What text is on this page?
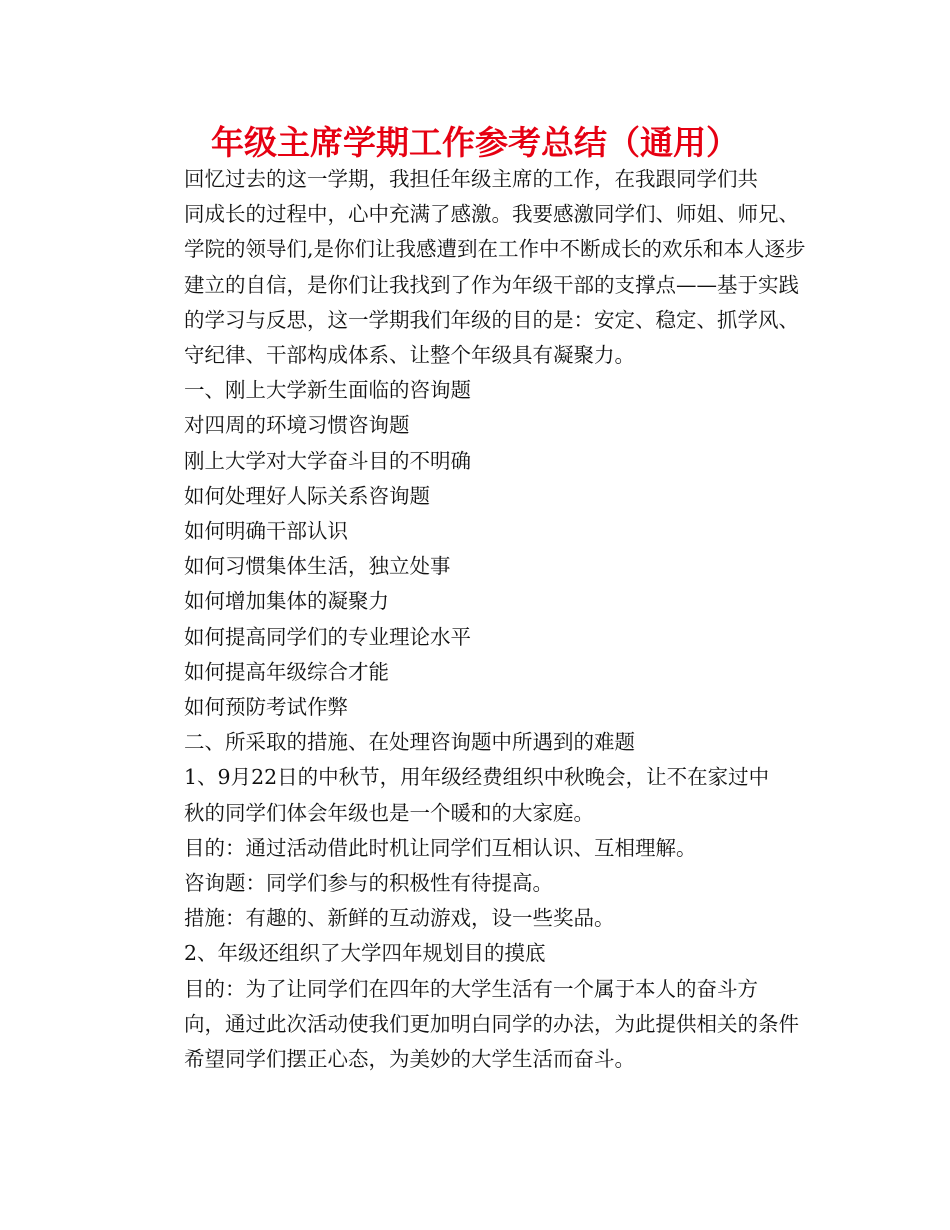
年级主席学期工作参考总结（通用）

回忆过去的这一学期，我担任年级主席的工作，在我跟同学们共
同成长的过程中，心中充满了感激。我要感激同学们、师姐、师兄、
学院的领导们,是你们让我感遭到在工作中不断成长的欢乐和本人逐步
建立的自信，是你们让我找到了作为年级干部的支撑点——基于实践
的学习与反思，这一学期我们年级的目的是：安定、稳定、抓学风、
守纪律、干部构成体系、让整个年级具有凝聚力。

一、刚上大学新生面临的咨询题

对四周的环境习惯咨询题

刚上大学对大学奋斗目的不明确

如何处理好人际关系咨询题

如何明确干部认识

如何习惯集体生活，独立处事

如何增加集体的凝聚力

如何提高同学们的专业理论水平

如何提高年级综合才能

如何预防考试作弊

二、所采取的措施、在处理咨询题中所遇到的难题

1、9月22日的中秋节，用年级经费组织中秋晚会，让不在家过中
秋的同学们体会年级也是一个暖和的大家庭。

目的：通过活动借此时机让同学们互相认识、互相理解。

咨询题：同学们参与的积极性有待提高。

措施：有趣的、新鲜的互动游戏，设一些奖品。

2、年级还组织了大学四年规划目的摸底

目的：为了让同学们在四年的大学生活有一个属于本人的奋斗方
向，通过此次活动使我们更加明白同学的办法，为此提供相关的条件

希望同学们摆正心态，为美妙的大学生活而奋斗。
